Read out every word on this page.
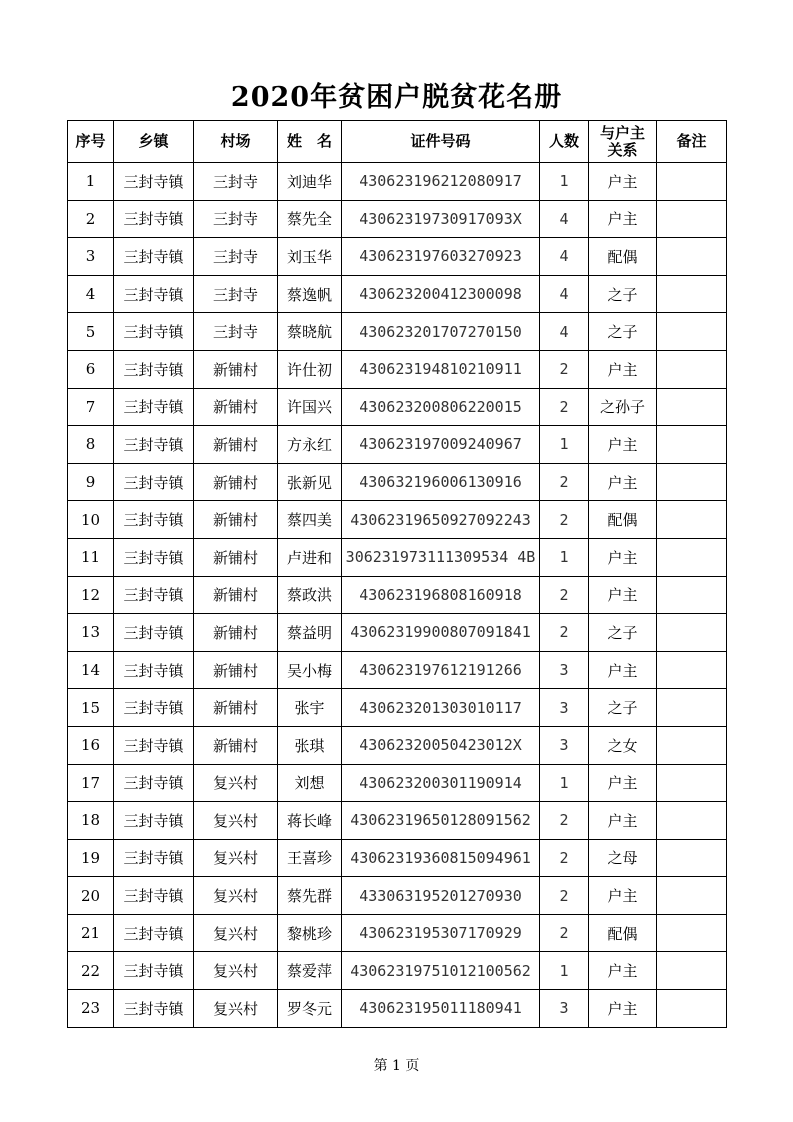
2020年贫困户脱贫花名册
序号	乡镇	村场	姓　名	证件号码	人数	与户主关系	备注
1	三封寺镇	三封寺	刘迪华	430623196212080917	1	户主	
2	三封寺镇	三封寺	蔡先全	43062319730917093X	4	户主	
3	三封寺镇	三封寺	刘玉华	430623197603270923	4	配偶	
4	三封寺镇	三封寺	蔡逸帆	430623200412300098	4	之子	
5	三封寺镇	三封寺	蔡晓航	430623201707270150	4	之子	
6	三封寺镇	新铺村	许仕初	430623194810210911	2	户主	
7	三封寺镇	新铺村	许国兴	430623200806220015	2	之孙子	
8	三封寺镇	新铺村	方永红	430623197009240967	1	户主	
9	三封寺镇	新铺村	张新见	430632196006130916	2	户主	
10	三封寺镇	新铺村	蔡四美	43062319650927092243	2	配偶	
11	三封寺镇	新铺村	卢进和	306231973111309534 4B	1	户主	
12	三封寺镇	新铺村	蔡政洪	430623196808160918	2	户主	
13	三封寺镇	新铺村	蔡益明	43062319900807091841	2	之子	
14	三封寺镇	新铺村	吴小梅	430623197612191266	3	户主	
15	三封寺镇	新铺村	张宇	430623201303010117	3	之子	
16	三封寺镇	新铺村	张琪	43062320050423012X	3	之女	
17	三封寺镇	复兴村	刘想	430623200301190914	1	户主	
18	三封寺镇	复兴村	蒋长峰	43062319650128091562	2	户主	
19	三封寺镇	复兴村	王喜珍	43062319360815094961	2	之母	
20	三封寺镇	复兴村	蔡先群	433063195201270930	2	户主	
21	三封寺镇	复兴村	黎桃珍	430623195307170929	2	配偶	
22	三封寺镇	复兴村	蔡爱萍	43062319751012100562	1	户主	
23	三封寺镇	复兴村	罗冬元	430623195011180941	3	户主	
第 1 页
